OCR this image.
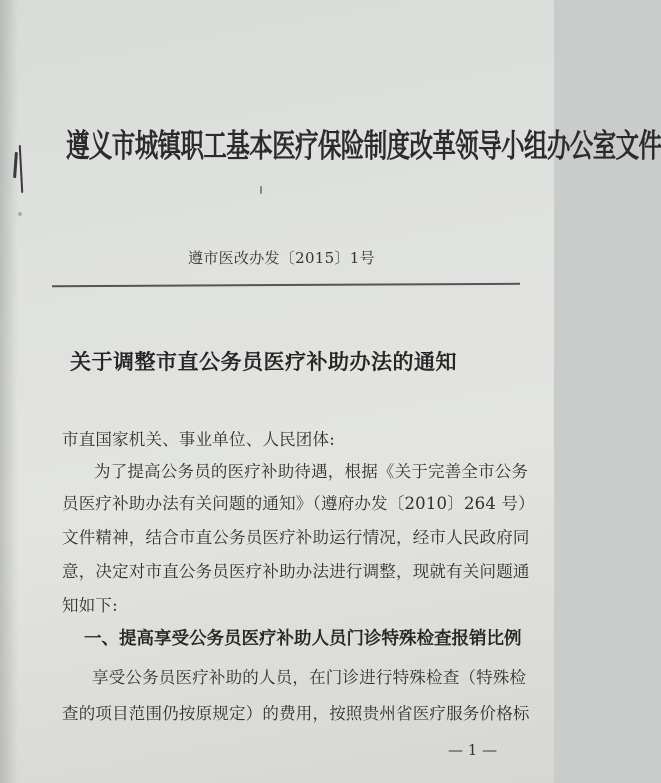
遵义市城镇职工基本医疗保险制度改革领导小组办公室文件
遵市医改办发〔2015〕1号
关于调整市直公务员医疗补助办法的通知
市直国家机关、事业单位、人民团体:
为了提高公务员的医疗补助待遇，根据《关于完善全市公务
员医疗补助办法有关问题的通知》（遵府办发〔2010〕264 号）
文件精神，结合市直公务员医疗补助运行情况，经市人民政府同
意，决定对市直公务员医疗补助办法进行调整，现就有关问题通
知如下:
一、提高享受公务员医疗补助人员门诊特殊检查报销比例
享受公务员医疗补助的人员，在门诊进行特殊检查（特殊检
查的项目范围仍按原规定）的费用，按照贵州省医疗服务价格标
— 1 —
